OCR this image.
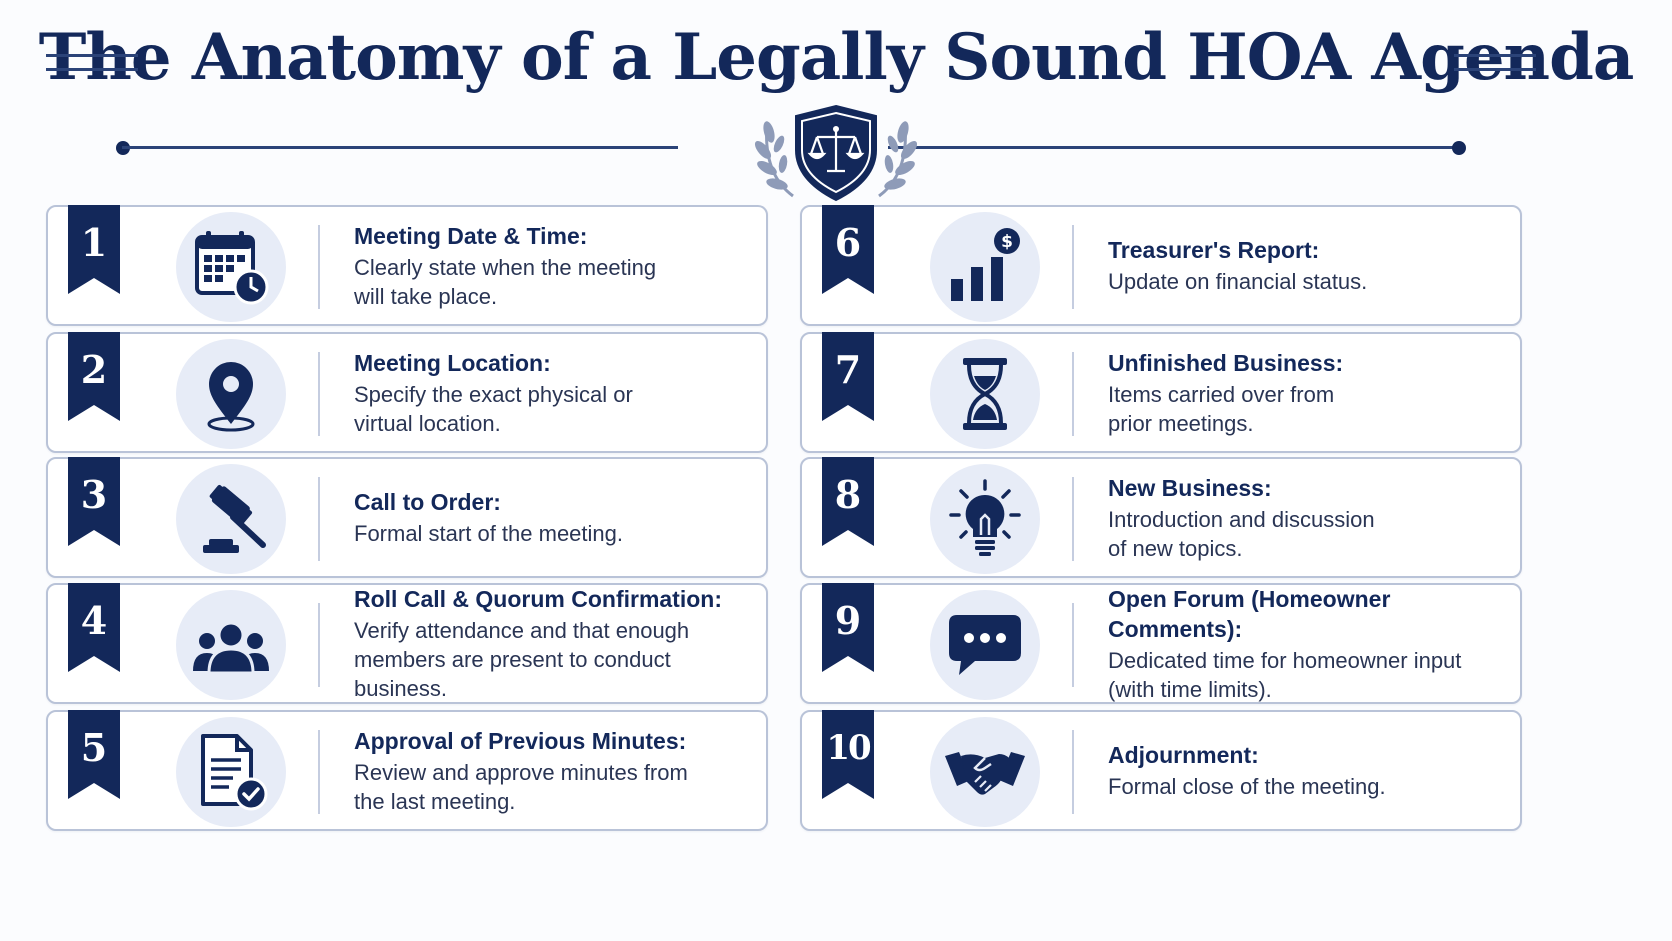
The Anatomy of a Legally Sound HOA Agenda
1	Meeting Date & Time:
Clearly state when the meeting
will take place.
2	Meeting Location:
Specify the exact physical or
virtual location.
3	Call to Order:
Formal start of the meeting.
4	Roll Call & Quorum Confirmation:
Verify attendance and that enough
members are present to conduct business.
5	Approval of Previous Minutes:
Review and approve minutes from
the last meeting.
6	$	Treasurer's Report:
Update on financial status.
7	Unfinished Business:
Items carried over from
prior meetings.
8	New Business:
Introduction and discussion
of new topics.
9	Open Forum (Homeowner Comments):
Dedicated time for homeowner input
(with time limits).
10	Adjournment:
Formal close of the meeting.
